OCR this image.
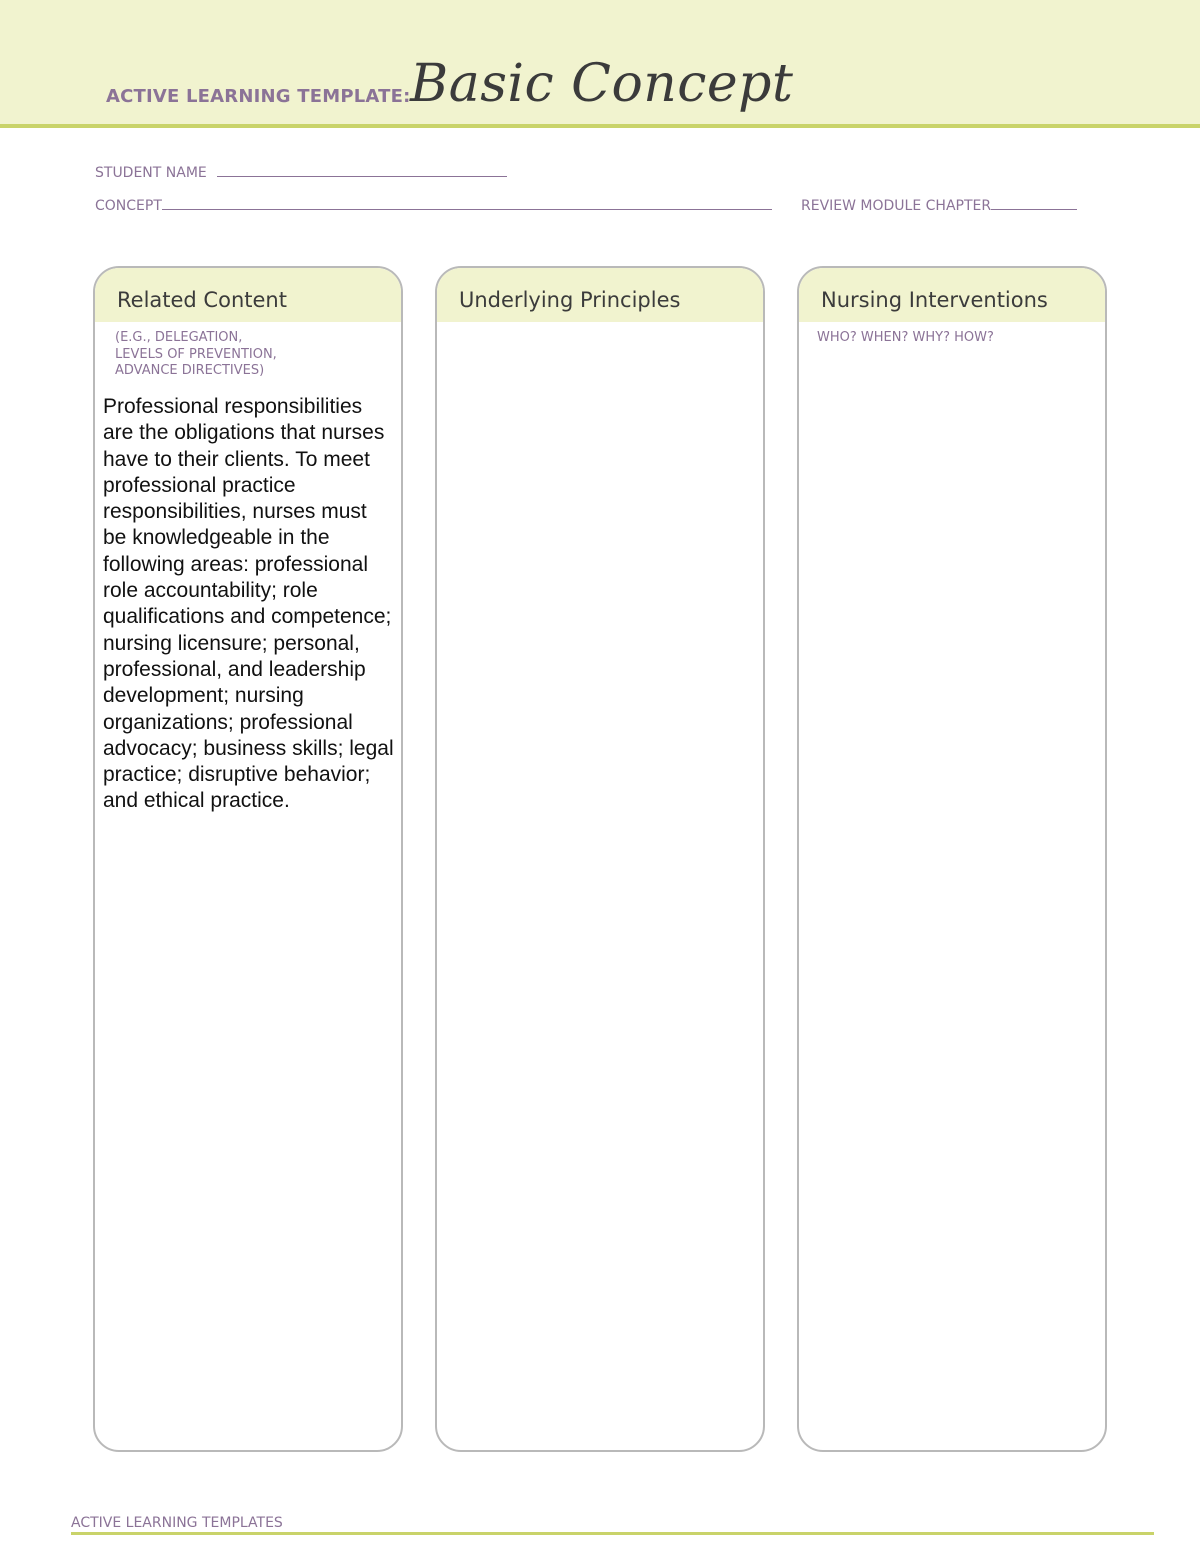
ACTIVE LEARNING TEMPLATE: Basic Concept
STUDENT NAME
CONCEPT	REVIEW MODULE CHAPTER
Related Content
(E.G., DELEGATION,
LEVELS OF PREVENTION,
ADVANCE DIRECTIVES)
Professional responsibilities are the obligations that nurses have to their clients. To meet professional practice responsibilities, nurses must be knowledgeable in the following areas: professional role accountability; role qualifications and competence; nursing licensure; personal, professional, and leadership development; nursing organizations; professional advocacy; business skills; legal practice; disruptive behavior; and ethical practice.
Underlying Principles	Nursing Interventions
WHO? WHEN? WHY? HOW?
ACTIVE LEARNING TEMPLATES
